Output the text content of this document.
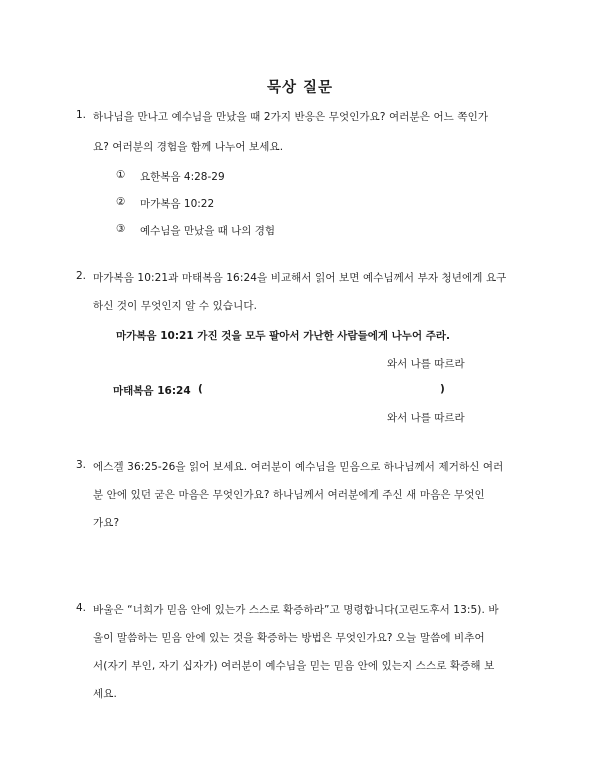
묵상 질문
1. 하나님을 만나고 예수님을 만났을 때 2가지 반응은 무엇인가요? 여러분은 어느 쪽인가
요? 여러분의 경험을 함께 나누어 보세요.
① 요한복음 4:28-29
② 마가복음 10:22
③ 예수님을 만났을 때 나의 경험
2. 마가복음 10:21과 마태복음 16:24을 비교해서 읽어 보면 예수님께서 부자 청년에게 요구
하신 것이 무엇인지 알 수 있습니다.
마가복음 10:21 가진 것을 모두 팔아서 가난한 사람들에게 나누어 주라.
와서 나를 따르라
마태복음 16:24 (	)
와서 나를 따르라
3. 에스겔 36:25-26을 읽어 보세요. 여러분이 예수님을 믿음으로 하나님께서 제거하신 여러
분 안에 있던 굳은 마음은 무엇인가요? 하나님께서 여러분에게 주신 새 마음은 무엇인
가요?
4. 바울은 “너희가 믿음 안에 있는가 스스로 확증하라”고 명령합니다(고린도후서 13:5). 바
울이 말씀하는 믿음 안에 있는 것을 확증하는 방법은 무엇인가요? 오늘 말씀에 비추어
서(자기 부인, 자기 십자가) 여러분이 예수님을 믿는 믿음 안에 있는지 스스로 확증해 보
세요.
